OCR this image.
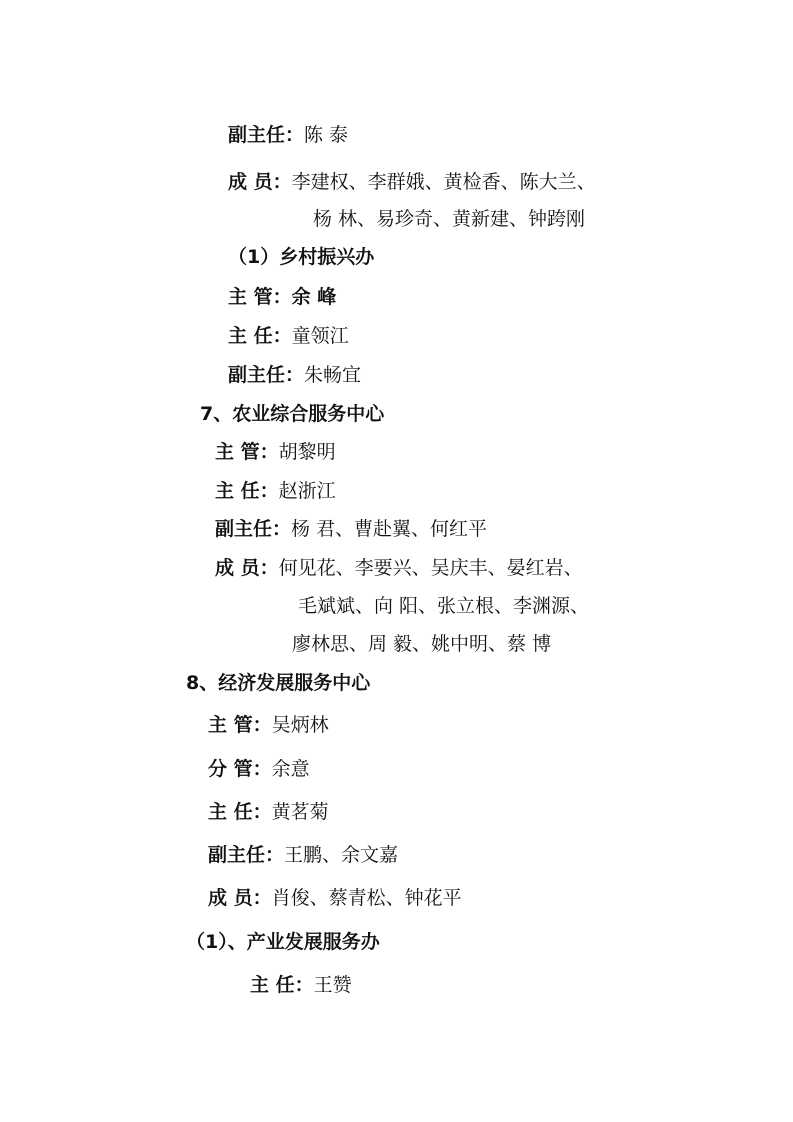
副主任：陈 泰
成 员：李建权、李群娥、黄检香、陈大兰、
杨 林、易珍奇、黄新建、钟跨刚
（1）乡村振兴办
主 管：余 峰
主 任：童领江
副主任：朱畅宜
7、农业综合服务中心
主 管：胡黎明
主 任：赵浙江
副主任：杨 君、曹赴翼、何红平
成 员：何见花、李要兴、吴庆丰、晏红岩、
毛斌斌、向 阳、张立根、李渊源、
廖林思、周 毅、姚中明、蔡 博
8、经济发展服务中心
主 管：吴炳林
分 管：余意
主 任：黄茗菊
副主任：王鹏、余文嘉
成 员：肖俊、蔡青松、钟花平
（1）、产业发展服务办
主 任：王赞
